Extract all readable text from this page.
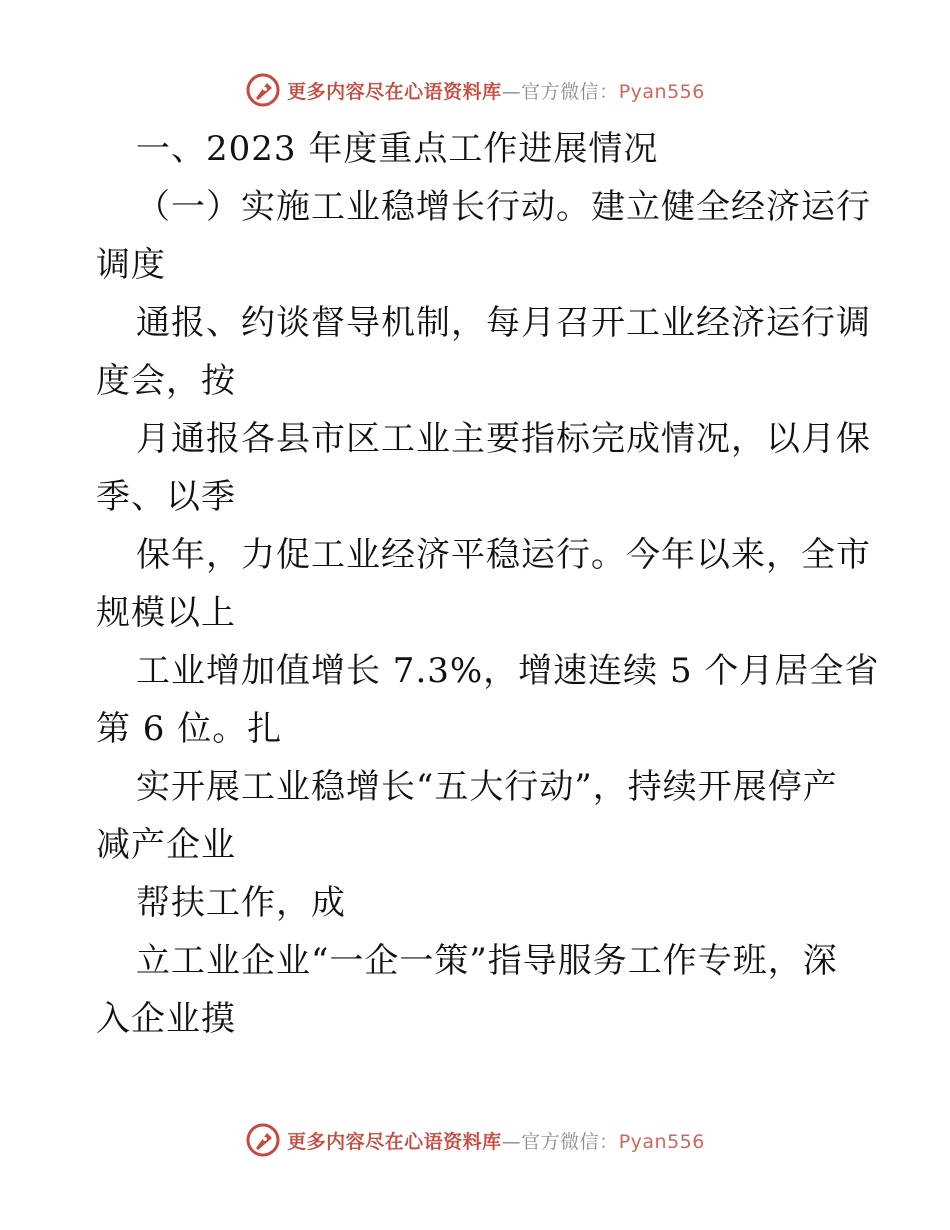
更多内容尽在心语资料库—官方微信：Pyan556
一、2023 年度重点工作进展情况
（一）实施工业稳增长行动。建立健全经济运行
调度
通报、约谈督导机制，每月召开工业经济运行调
度会，按
月通报各县市区工业主要指标完成情况，以月保
季、以季
保年，力促工业经济平稳运行。今年以来，全市
规模以上
工业增加值增长 7.3%，增速连续 5 个月居全省
第 6 位。扎
实开展工业稳增长“五大行动”，持续开展停产
减产企业
帮扶工作，成
立工业企业“一企一策”指导服务工作专班，深
入企业摸
更多内容尽在心语资料库—官方微信：Pyan556
